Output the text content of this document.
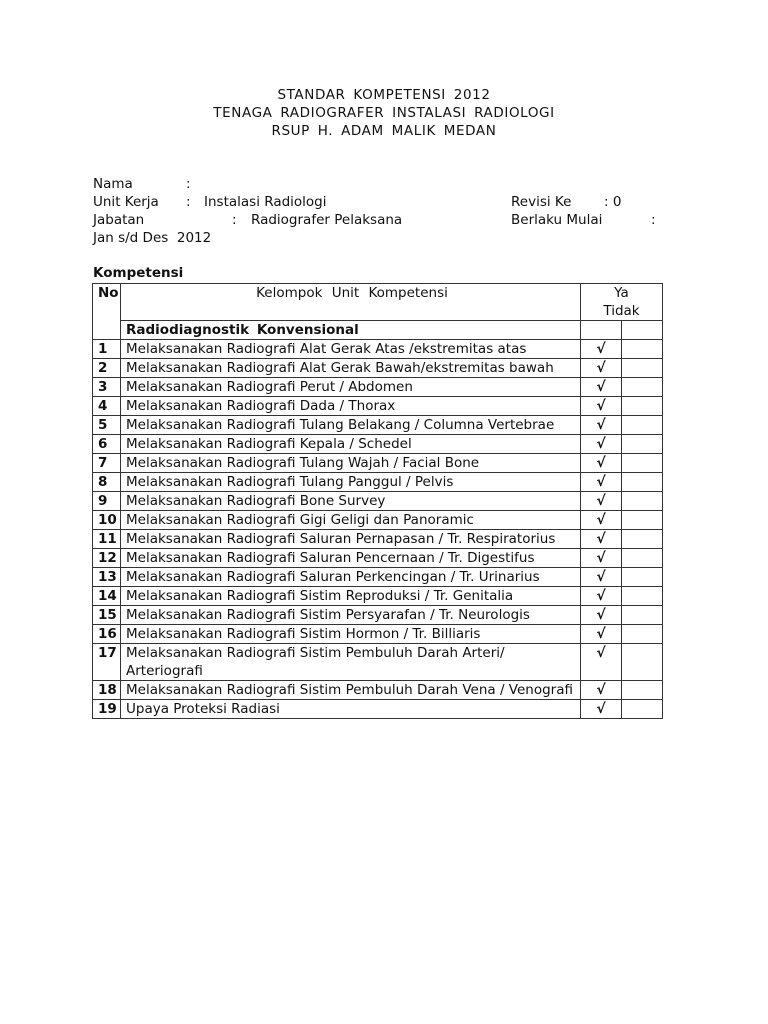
STANDAR KOMPETENSI 2012
TENAGA RADIOGRAFER INSTALASI RADIOLOGI
RSUP H. ADAM MALIK MEDAN
Nama	:
Unit Kerja : Instalasi Radiologi	Revisi Ke : 0
Jabatan	: Radiografer Pelaksana	Berlaku Mulai	:
Jan s/d Des  2012
Kompetensi
No	Kelompok Unit Kompetensi	Ya
Tidak	

	Radiodiagnostik Konvensional		
1	Melaksanakan Radiografi Alat Gerak Atas /ekstremitas atas	√	
2	Melaksanakan Radiografi Alat Gerak Bawah/ekstremitas bawah	√	
3	Melaksanakan Radiografi Perut / Abdomen	√	
4	Melaksanakan Radiografi Dada / Thorax	√	
5	Melaksanakan Radiografi Tulang Belakang / Columna Vertebrae	√	
6	Melaksanakan Radiografi Kepala / Schedel	√	
7	Melaksanakan Radiografi Tulang Wajah / Facial Bone	√	
8	Melaksanakan Radiografi Tulang Panggul / Pelvis	√	
9	Melaksanakan Radiografi Bone Survey	√	
10	Melaksanakan Radiografi Gigi Geligi dan Panoramic	√	
11	Melaksanakan Radiografi Saluran Pernapasan / Tr. Respiratorius	√	
12	Melaksanakan Radiografi Saluran Pencernaan / Tr. Digestifus	√	
13	Melaksanakan Radiografi Saluran Perkencingan / Tr. Urinarius	√	
14	Melaksanakan Radiografi Sistim Reproduksi / Tr. Genitalia	√	
15	Melaksanakan Radiografi Sistim Persyarafan / Tr. Neurologis	√	
16	Melaksanakan Radiografi Sistim Hormon / Tr. Billiaris	√	
17	Melaksanakan Radiografi Sistim Pembuluh Darah Arteri/ Arteriografi	√	
18	Melaksanakan Radiografi Sistim Pembuluh Darah Vena / Venografi	√	
19	Upaya Proteksi Radiasi	√	
